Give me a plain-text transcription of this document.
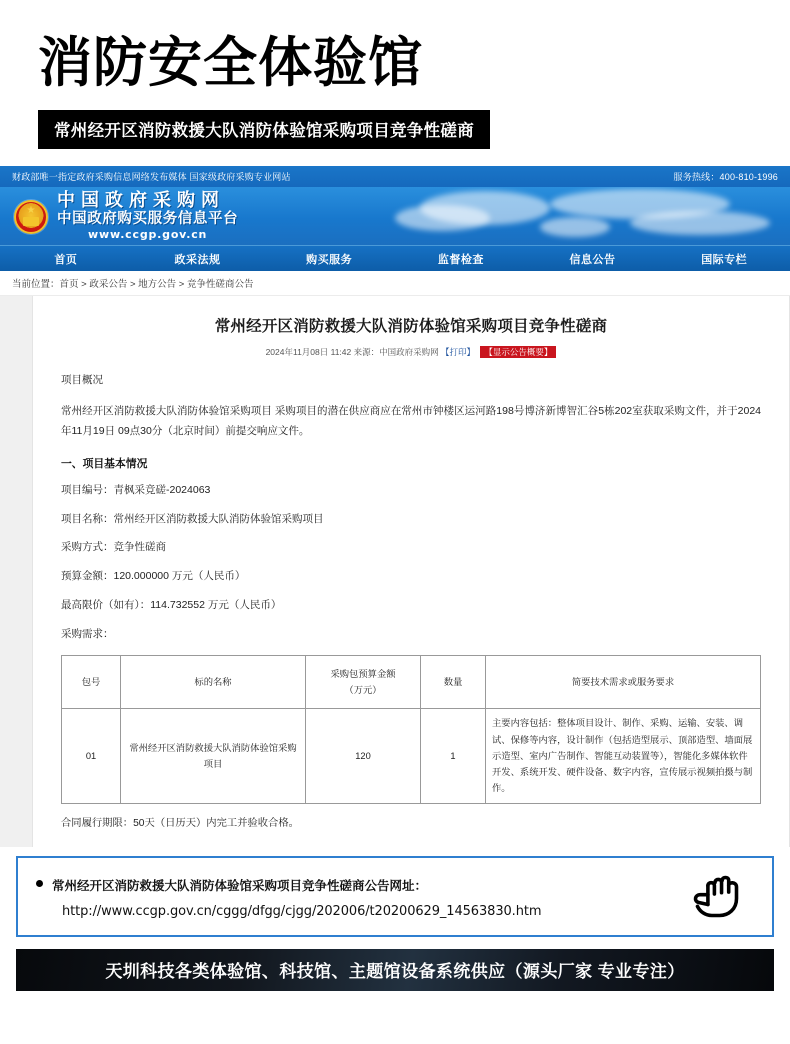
消防安全体验馆
常州经开区消防救援大队消防体验馆采购项目竞争性磋商
财政部唯一指定政府采购信息网络发布媒体 国家级政府采购专业网站	服务热线：400-810-1996
★
中国政府采购网
中国政府购买服务信息平台
www.ccgp.gov.cn
首页	政采法规	购买服务	监督检查	信息公告	国际专栏
当前位置：首页 > 政采公告 > 地方公告 > 竞争性磋商公告
常州经开区消防救援大队消防体验馆采购项目竞争性磋商
2024年11月08日 11:42 来源：中国政府采购网 【打印】 【显示公告概要】
项目概况
常州经开区消防救援大队消防体验馆采购项目 采购项目的潜在供应商应在常州市钟楼区运河路198号博济新博智汇谷5栋202室获取采购文件，并于2024年11月19日 09点30分（北京时间）前提交响应文件。
一、项目基本情况
项目编号：青枫采竞磋-2024063
项目名称：常州经开区消防救援大队消防体验馆采购项目
采购方式：竞争性磋商
预算金额：120.000000 万元（人民币）
最高限价（如有）：114.732552 万元（人民币）
采购需求：
包号	标的名称	采购包预算金额
（万元）	数量	简要技术需求或服务要求
01	常州经开区消防救援大队消防体验馆采购项目	120	1	主要内容包括：整体项目设计、制作、采购、运输、安装、调试、保修等内容，设计制作（包括造型展示、顶部造型、墙面展示造型、室内广告制作、智能互动装置等），智能化多媒体软件开发、系统开发、硬件设备、数字内容，宣传展示视频拍摄与制作。
合同履行期限：50天（日历天）内完工并验收合格。
常州经开区消防救援大队消防体验馆采购项目竞争性磋商公告网址：
http://www.ccgp.gov.cn/cggg/dfgg/cjgg/202006/t20200629_14563830.htm
天圳科技各类体验馆、科技馆、主题馆设备系统供应（源头厂家 专业专注）
